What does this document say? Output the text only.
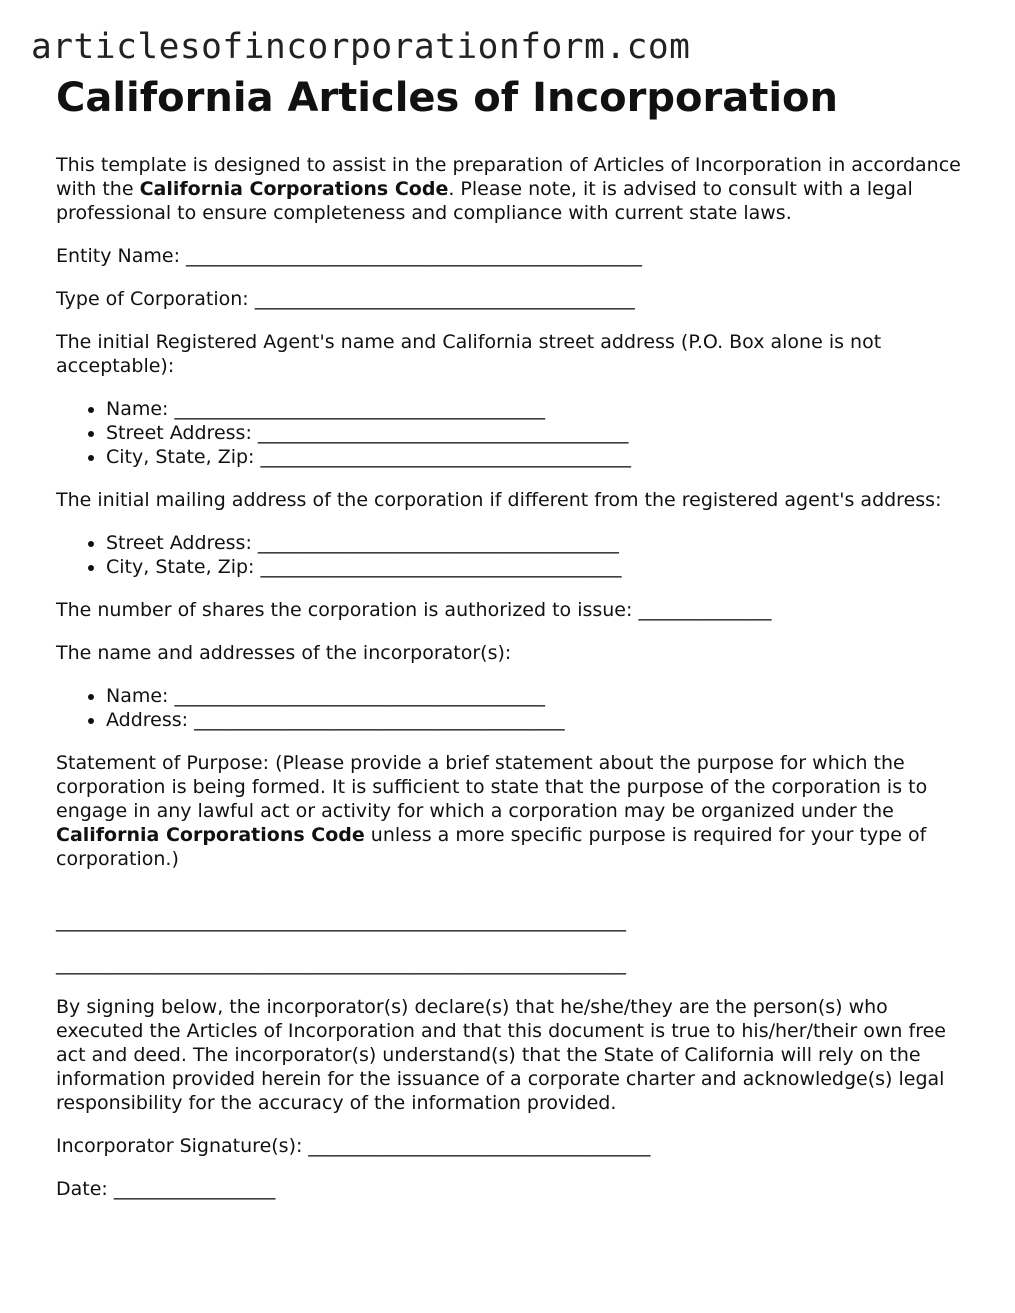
articlesofincorporationform.com
California Articles of Incorporation

This template is designed to assist in the preparation of Articles of Incorporation in accordance with the California Corporations Code. Please note, it is advised to consult with a legal professional to ensure completeness and compliance with current state laws.

Entity Name: ________________________________________________

Type of Corporation: ________________________________________

The initial Registered Agent's name and California street address (P.O. Box alone is not acceptable):

• Name: _______________________________________
• Street Address: _______________________________________
• City, State, Zip: _______________________________________

The initial mailing address of the corporation if different from the registered agent's address:

• Street Address: ______________________________________
• City, State, Zip: ______________________________________

The number of shares the corporation is authorized to issue: ______________

The name and addresses of the incorporator(s):

• Name: _______________________________________
• Address: _______________________________________

Statement of Purpose: (Please provide a brief statement about the purpose for which the corporation is being formed. It is sufficient to state that the purpose of the corporation is to engage in any lawful act or activity for which a corporation may be organized under the California Corporations Code unless a more specific purpose is required for your type of corporation.)

____________________________________________________________
____________________________________________________________

By signing below, the incorporator(s) declare(s) that he/she/they are the person(s) who executed the Articles of Incorporation and that this document is true to his/her/their own free act and deed. The incorporator(s) understand(s) that the State of California will rely on the information provided herein for the issuance of a corporate charter and acknowledge(s) legal responsibility for the accuracy of the information provided.

Incorporator Signature(s): ____________________________________

Date: _________________
